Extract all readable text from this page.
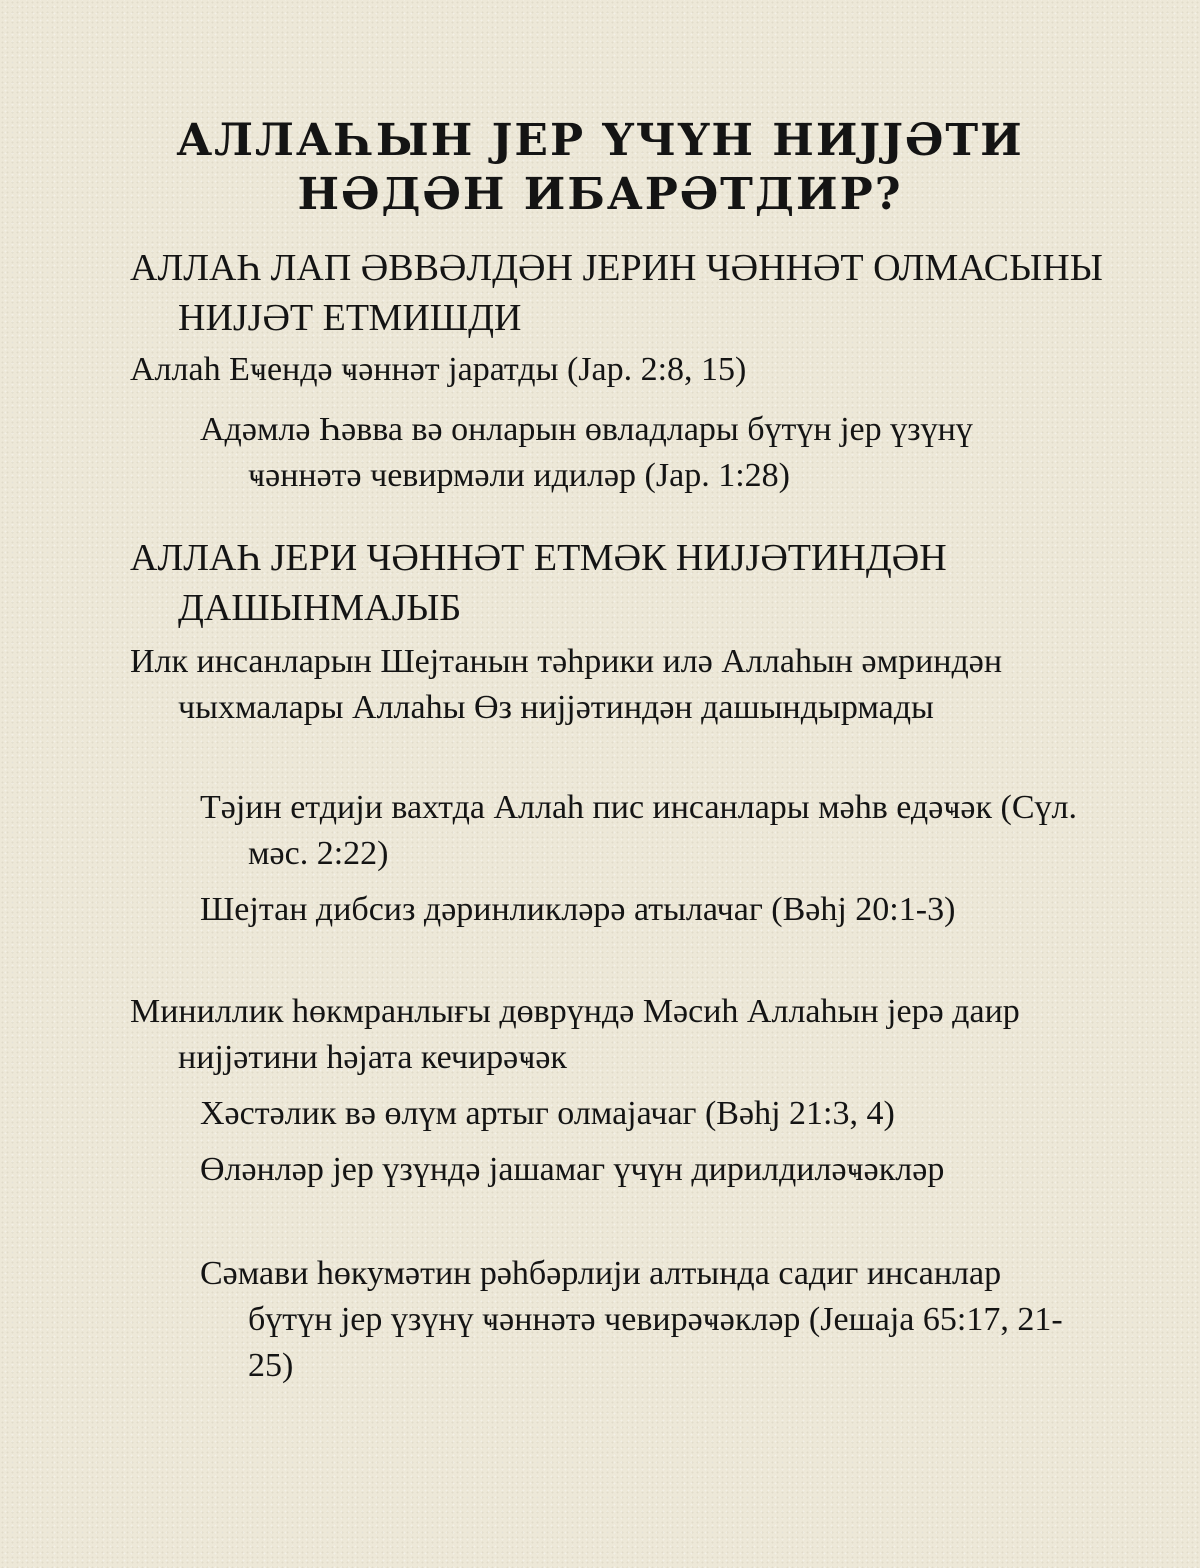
АЛЛАҺЫН ЈЕР ҮЧҮН НИЈЈӘТИ
НӘДӘН ИБАРӘТДИР?
АЛЛАҺ ЛАП ӘВВӘЛДӘН ЈЕРИН ЧӘННӘТ ОЛМАСЫНЫ НИЈЈӘТ ЕТМИШДИ
Аллаһ Еҹендә ҹәннәт јаратды (Јар. 2:8, 15)
Адәмлә Һәвва вә онларын өвладлары бүтүн јер үзүнү ҹәннәтә чевирмәли идиләр (Јар. 1:28)
АЛЛАҺ ЈЕРИ ЧӘННӘТ ЕТМӘК НИЈЈӘТИНДӘН ДАШЫНМАЈЫБ
Илк инсанларын Шејтанын тәһрики илә Аллаһын әмриндән чыхмалары Аллаһы Өз нијјәтиндән дашындырмады
Тәјин етдији вахтда Аллаһ пис инсанлары мәһв едәҹәк (Сүл. мәс. 2:22)
Шејтан дибсиз дәринликләрә атылачаг (Вәһј 20:1-3)
Миниллик һөкмранлығы дөврүндә Мәсиһ Аллаһын јерә даир нијјәтини һәјата кечирәҹәк
Хәстәлик вә өлүм артыг олмајачаг (Вәһј 21:3, 4)
Өләнләр јер үзүндә јашамаг үчүн дирилдиләҹәкләр
Сәмави һөкумәтин рәһбәрлији алтында садиг инсанлар бүтүн јер үзүнү ҹәннәтә чевирәҹәкләр (Јешаја 65:17, 21-25)
